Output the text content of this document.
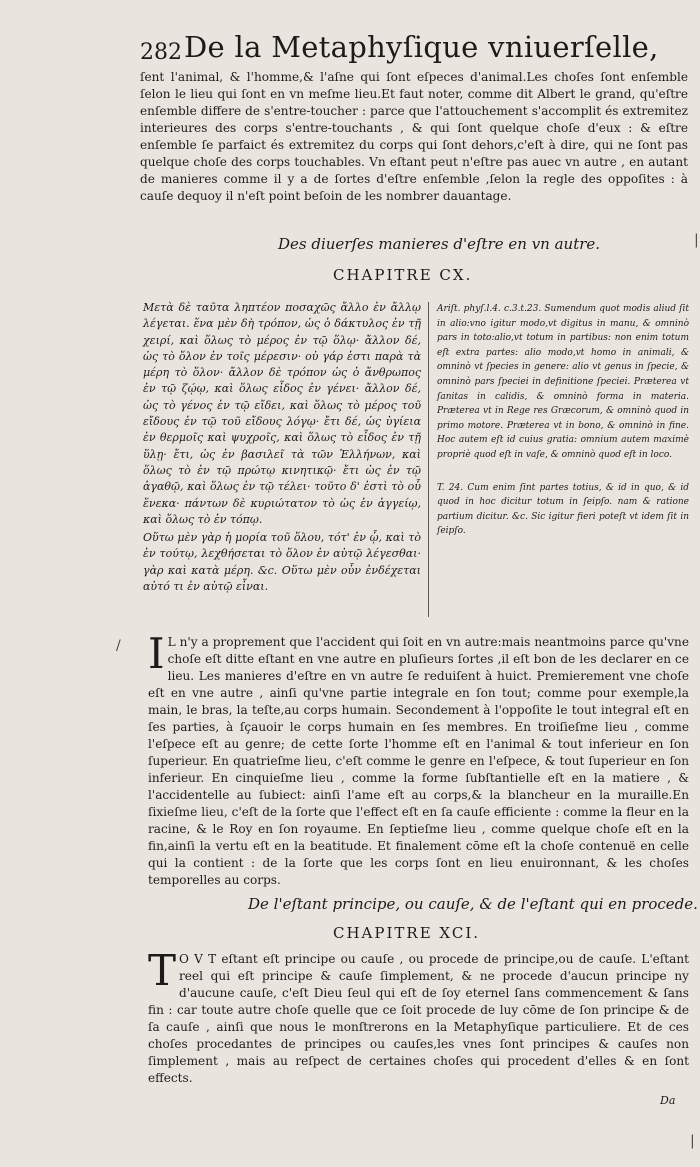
282 De la Metaphyſique vniuerſelle,
ſent l'animal, & l'homme,& l'aſne qui ſont eſpeces d'animal.Les choſes ſont enſemble ſelon le lieu qui ſont en vn meſme lieu.Et faut noter, comme dit Albert le grand, qu'eſtre enſemble differe de s'entre-toucher : parce que l'attouchement s'accomplit és extremitez interieures des corps s'entre-touchants , & qui ſont quelque choſe d'eux : & eſtre enſemble ſe parfaict és extremitez du corps qui ſont dehors,c'eſt à dire, qui ne ſont pas quelque choſe des corps touchables. Vn eſtant peut n'eſtre pas auec vn autre , en autant de manieres comme il y a de ſortes d'eſtre enſemble ,ſelon la regle des oppoſites : à cauſe dequoy il n'eſt point beſoin de les nombrer dauantage.
Des diuerſes manieres d'eſtre en vn autre.
CHAPITRE CX.

Μετὰ δὲ ταῦτα ληπτέον ποσαχῶς ἄλλο ἐν ἄλλῳ λέγεται. ἕνα μὲν δὴ τρόπον, ὡς ὁ δάκτυλος ἐν τῇ χειρί, καὶ ὅλως τὸ μέρος ἐν τῷ ὅλῳ· ἄλλον δέ, ὡς τὸ ὅλον ἐν τοῖς μέρεσιν· οὐ γάρ ἐστι παρὰ τὰ μέρη τὸ ὅλον· ἄλλον δὲ τρόπον ὡς ὁ ἄνθρωπος ἐν τῷ ζῴῳ, καὶ ὅλως εἶδος ἐν γένει· ἄλλον δέ, ὡς τὸ γένος ἐν τῷ εἴδει, καὶ ὅλως τὸ μέρος τοῦ εἴδους ἐν τῷ τοῦ εἴδους λόγῳ· ἔτι δέ, ὡς ὑγίεια ἐν θερμοῖς καὶ ψυχροῖς, καὶ ὅλως τὸ εἶδος ἐν τῇ ὕλῃ· ἔτι, ὡς ἐν βασιλεῖ τὰ τῶν Ἑλλήνων, καὶ ὅλως τὸ ἐν τῷ πρώτῳ κινητικῷ· ἔτι ὡς ἐν τῷ ἀγαθῷ, καὶ ὅλως ἐν τῷ τέλει· τοῦτο δ' ἐστὶ τὸ οὗ ἕνεκα· πάντων δὲ κυριώτατον τὸ ὡς ἐν ἀγγείῳ, καὶ ὅλως τὸ ἐν τόπῳ.

Οὕτω μὲν γὰρ ἡ μορία τοῦ ὅλου, τότ' ἐν ᾧ, καὶ τὸ ἐν τούτῳ, λεχθήσεται τὸ ὅλον ἐν αὑτῷ λέγεσθαι· γὰρ καὶ κατὰ μέρη. &c. Οὕτω μὲν οὖν ἐνδέχεται αὐτό τι ἐν αὑτῷ εἶναι.

Ariſt. phyſ.l.4. c.3.t.23. Sumendum quot modis aliud ſit in alio:vno igitur modo,vt digitus in manu, & omninò pars in toto:alio,vt totum in partibus: non enim totum eſt extra partes: alio modo,vt homo in animali, & omninò vt ſpecies in genere: alio vt genus in ſpecie, & omninò pars ſpeciei in definitione ſpeciei. Præterea vt ſanitas in calidis, & omninò forma in materia. Præterea vt in Rege res Græcorum, & omninò quod in primo motore. Præterea vt in bono, & omninò in fine. Hoc autem eſt id cuius gratia: omnium autem maximè propriè quod eſt in vaſe, & omninò quod eſt in loco.

T. 24. Cum enim ſint partes totius, & id in quo, & id quod in hoc dicitur totum in ſeipſo. nam & ratione partium dicitur. &c. Sic igitur fieri poteſt vt idem ſit in ſeipſo.

I L n'y a proprement que l'accident qui ſoit en vn autre:mais neantmoins parce qu'vne choſe eſt ditte eſtant en vne autre en pluſieurs ſortes ,il eſt bon de les declarer en ce lieu. Les manieres d'eſtre en vn autre ſe reduiſent à huict. Premierement vne choſe eſt en vne autre , ainſi qu'vne partie integrale en ſon tout; comme pour exemple,la main, le bras, la teſte,au corps humain. Secondement à l'oppoſite le tout integral eſt en ſes parties, à ſçauoir le corps humain en ſes membres. En troiſieſme lieu , comme l'eſpece eſt au genre; de cette ſorte l'homme eſt en l'animal & tout inferieur en ſon ſuperieur. En quatrieſme lieu, c'eſt comme le genre en l'eſpece, & tout ſuperieur en ſon inferieur. En cinquieſme lieu , comme la forme ſubſtantielle eſt en la matiere , & l'accidentelle au ſubiect: ainſi l'ame eſt au corps,& la blancheur en la muraille.En ſixieſme lieu, c'eſt de la ſorte que l'effect eſt en ſa cauſe efficiente : comme la fleur en la racine, & le Roy en ſon royaume. En ſeptieſme lieu , comme quelque choſe eſt en la fin,ainſi la vertu eſt en la beatitude. Et finalement cōme eſt la choſe contenuë en celle qui la contient : de la ſorte que les corps ſont en lieu enuironnant, & les choſes temporelles au corps.
De l'eſtant principe, ou cauſe, & de l'eſtant qui en procede.
CHAPITRE XCI.
T O V T eſtant eſt principe ou cauſe , ou procede de principe,ou de cauſe. L'eſtant reel qui eſt principe & cauſe ſimplement, & ne procede d'aucun principe ny d'aucune cauſe, c'eſt Dieu ſeul qui eſt de ſoy eternel ſans commencement & ſans fin : car toute autre choſe quelle que ce ſoit procede de luy cōme de ſon principe & de ſa cauſe , ainſi que nous le monſtrerons en la Metaphyſique particuliere. Et de ces choſes procedantes de principes ou cauſes,les vnes ſont principes & cauſes non ſimplement , mais au reſpect de certaines choſes qui procedent d'elles & en ſont effects.
Da
|
/
|
